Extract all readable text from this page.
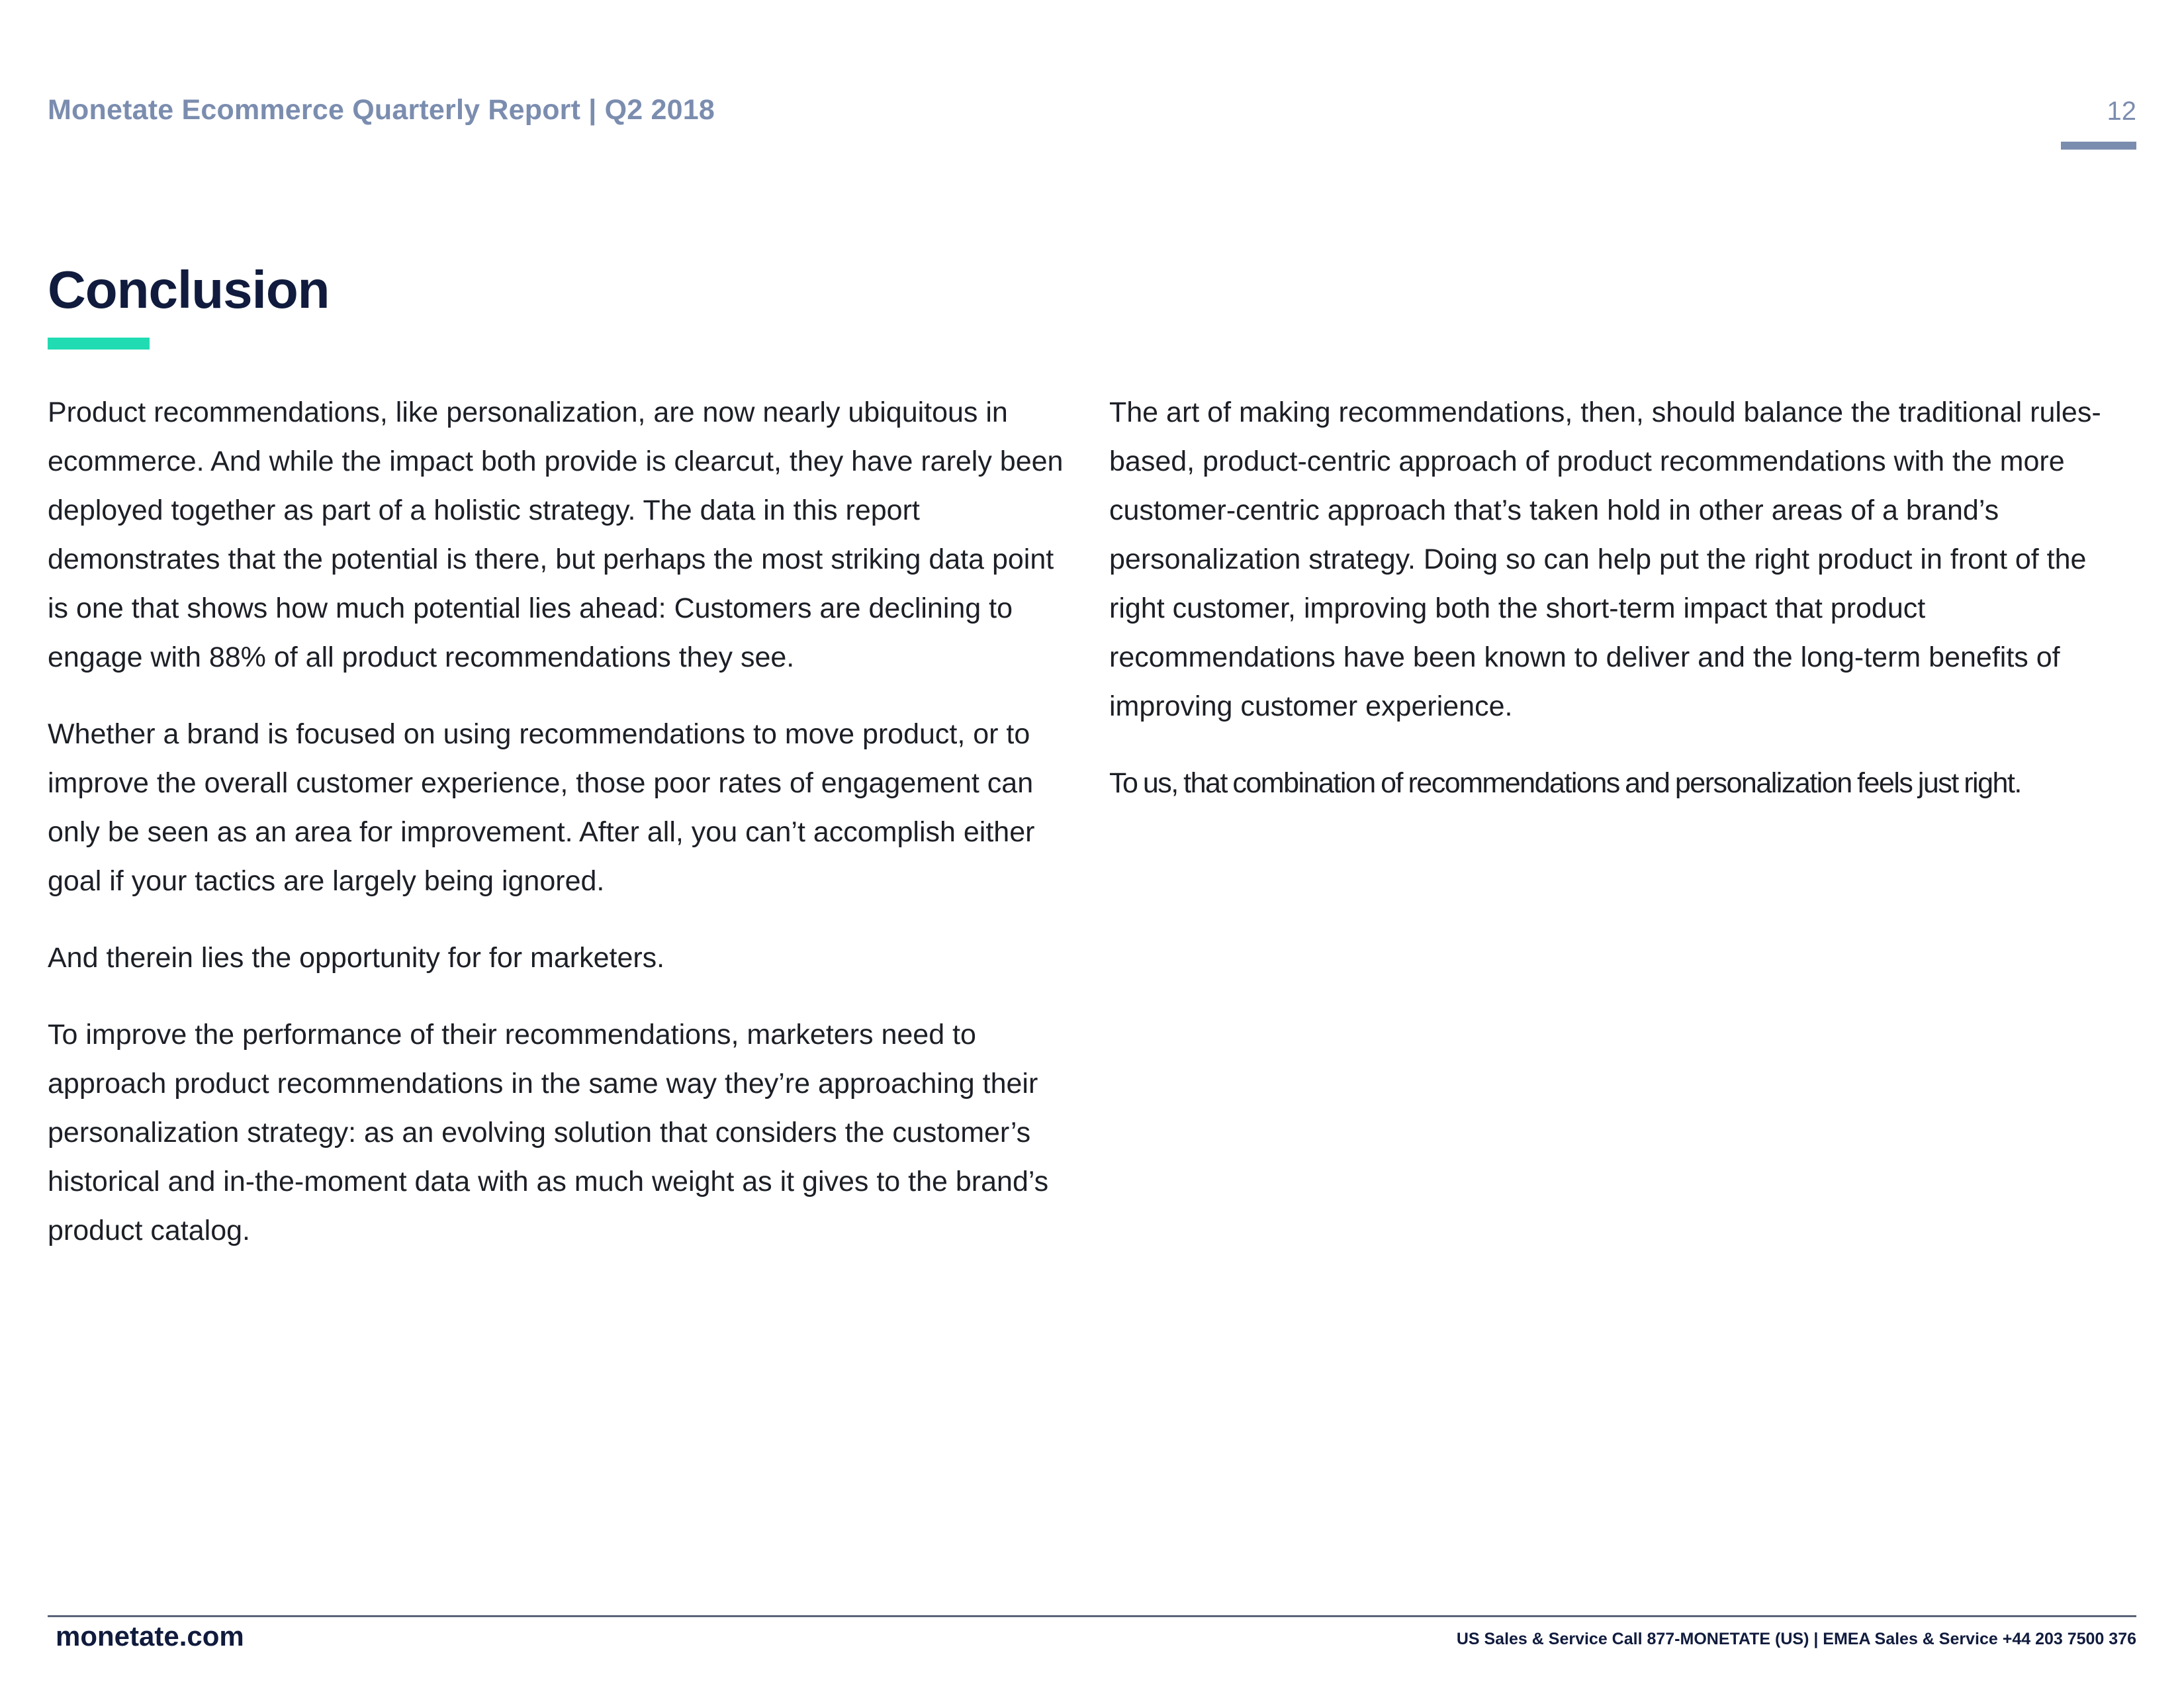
Monetate Ecommerce Quarterly Report | Q2 2018	12
Conclusion

Product recommendations, like personalization, are now nearly ubiquitous in ecommerce. And while the impact both provide is clearcut, they have rarely been deployed together as part of a holistic strategy. The data in this report demonstrates that the potential is there, but perhaps the most striking data point is one that shows how much potential lies ahead: Customers are declining to engage with 88% of all product recommendations they see.

Whether a brand is focused on using recommendations to move product, or to improve the overall customer experience, those poor rates of engagement can only be seen as an area for improvement. After all, you can’t accomplish either goal if your tactics are largely being ignored.

And therein lies the opportunity for for marketers.

To improve the performance of their recommendations, marketers need to approach product recommendations in the same way they’re approaching their personalization strategy: as an evolving solution that considers the customer’s historical and in-the-moment data with as much weight as it gives to the brand’s product catalog.

The art of making recommendations, then, should balance the traditional rules-based, product-centric approach of product recommendations with the more customer-centric approach that’s taken hold in other areas of a brand’s personalization strategy. Doing so can help put the right product in front of the right customer, improving both the short-term impact that product recommendations have been known to deliver and the long-term benefits of improving customer experience.

To us, that combination of recommendations and personalization feels just right.

monetate.com	US Sales & Service Call 877-MONETATE (US) | EMEA Sales & Service +44 203 7500 376
